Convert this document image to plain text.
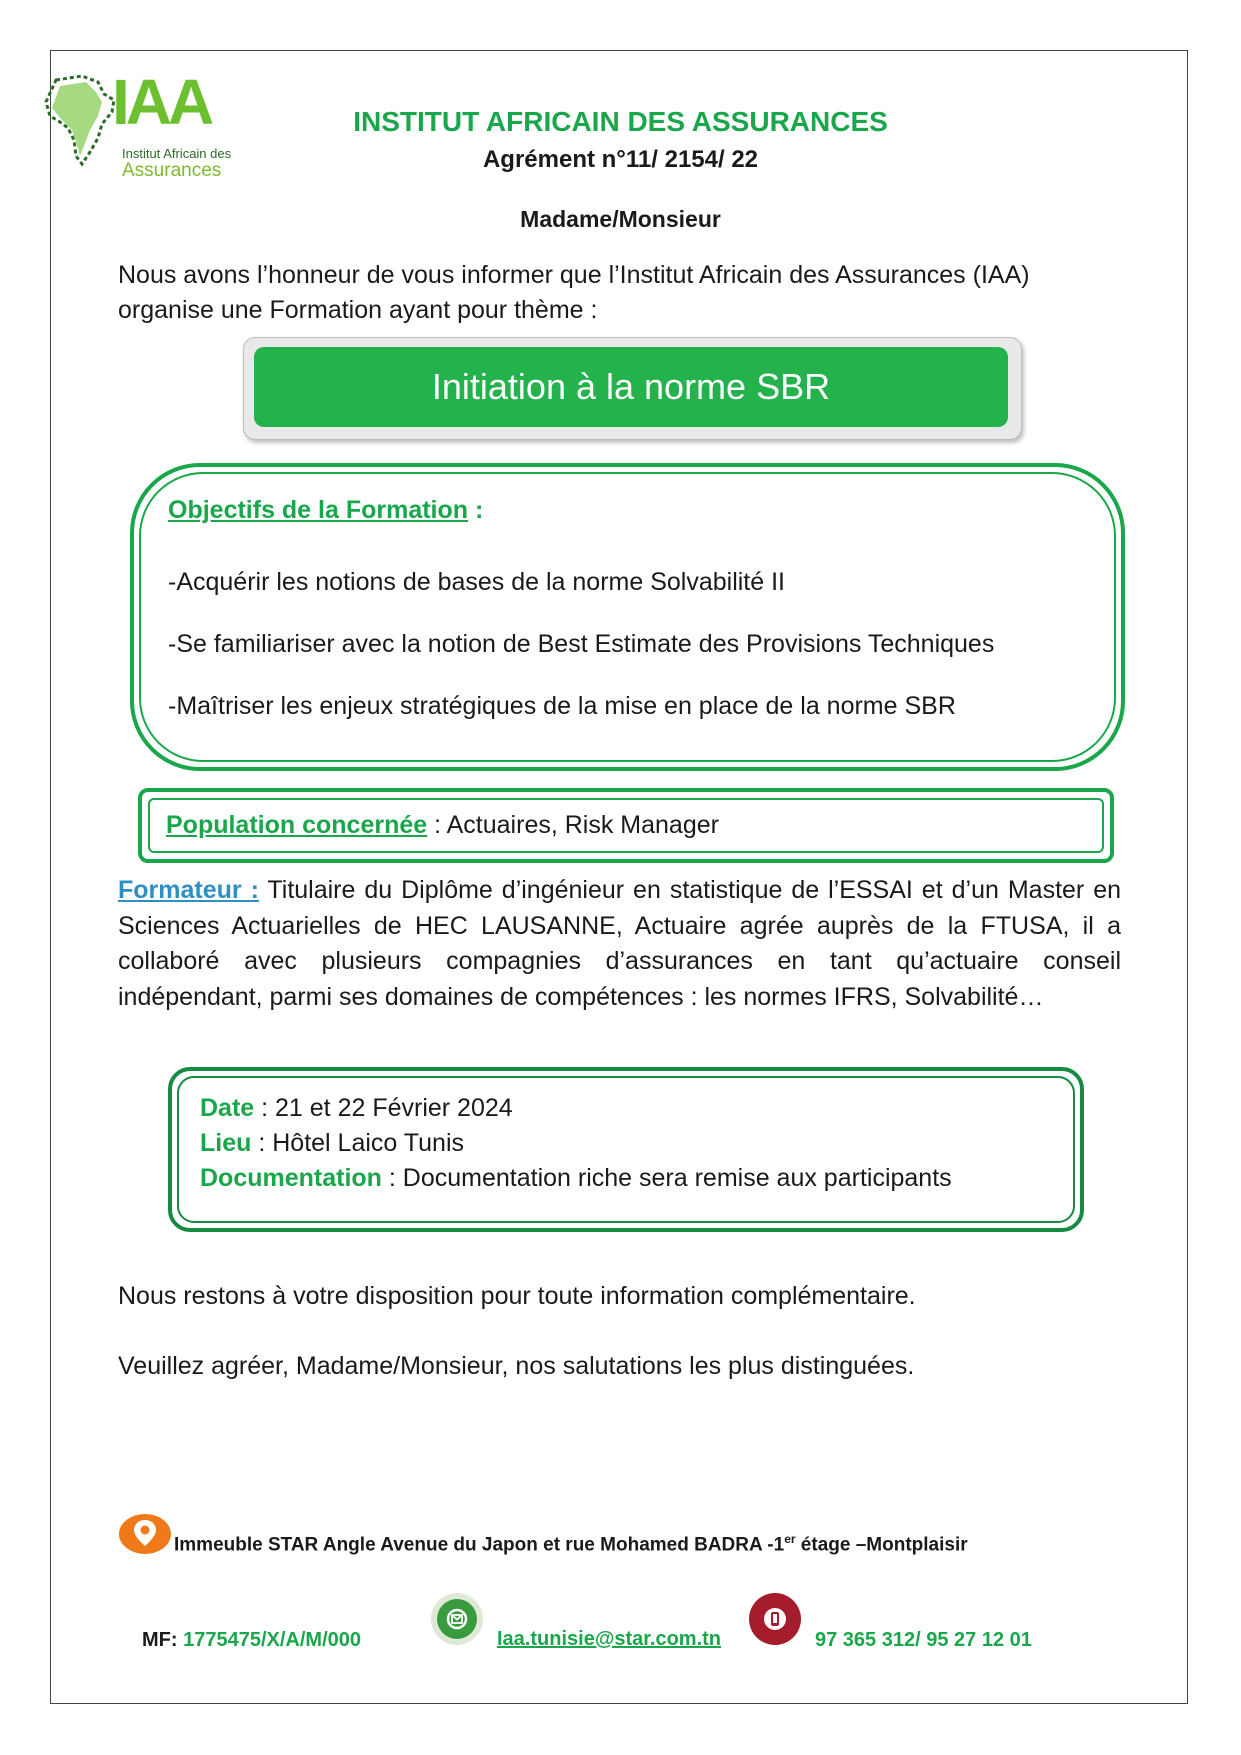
IAA
Institut Africain des
Assurances
INSTITUT AFRICAIN DES ASSURANCES
Agrément n°11/ 2154/ 22
Madame/Monsieur
Nous avons l’honneur de vous informer que l’Institut Africain des Assurances (IAA)
organise une Formation ayant pour thème :
Initiation à la norme SBR
Objectifs de la Formation :
-Acquérir les notions de bases de la norme Solvabilité II
-Se familiariser avec la notion de Best Estimate des Provisions Techniques
-Maîtriser les enjeux stratégiques de la mise en place de la norme SBR
Population concernée : Actuaires, Risk Manager
Formateur : Titulaire du Diplôme d’ingénieur en statistique de l’ESSAI et d’un Master en Sciences Actuarielles de HEC LAUSANNE, Actuaire agrée auprès de la FTUSA, il a collaboré avec plusieurs compagnies d’assurances en tant qu’actuaire conseil indépendant, parmi ses domaines de compétences : les normes IFRS, Solvabilité…
Date : 21 et 22 Février 2024
Lieu : Hôtel Laico Tunis
Documentation : Documentation riche sera remise aux participants
Nous restons à votre disposition pour toute information complémentaire.
Veuillez agréer, Madame/Monsieur, nos salutations les plus distinguées.
Immeuble STAR Angle Avenue du Japon et rue Mohamed BADRA -1er étage –Montplaisir
MF: 1775475/X/A/M/000	Iaa.tunisie@star.com.tn	97 365 312/ 95 27 12 01
